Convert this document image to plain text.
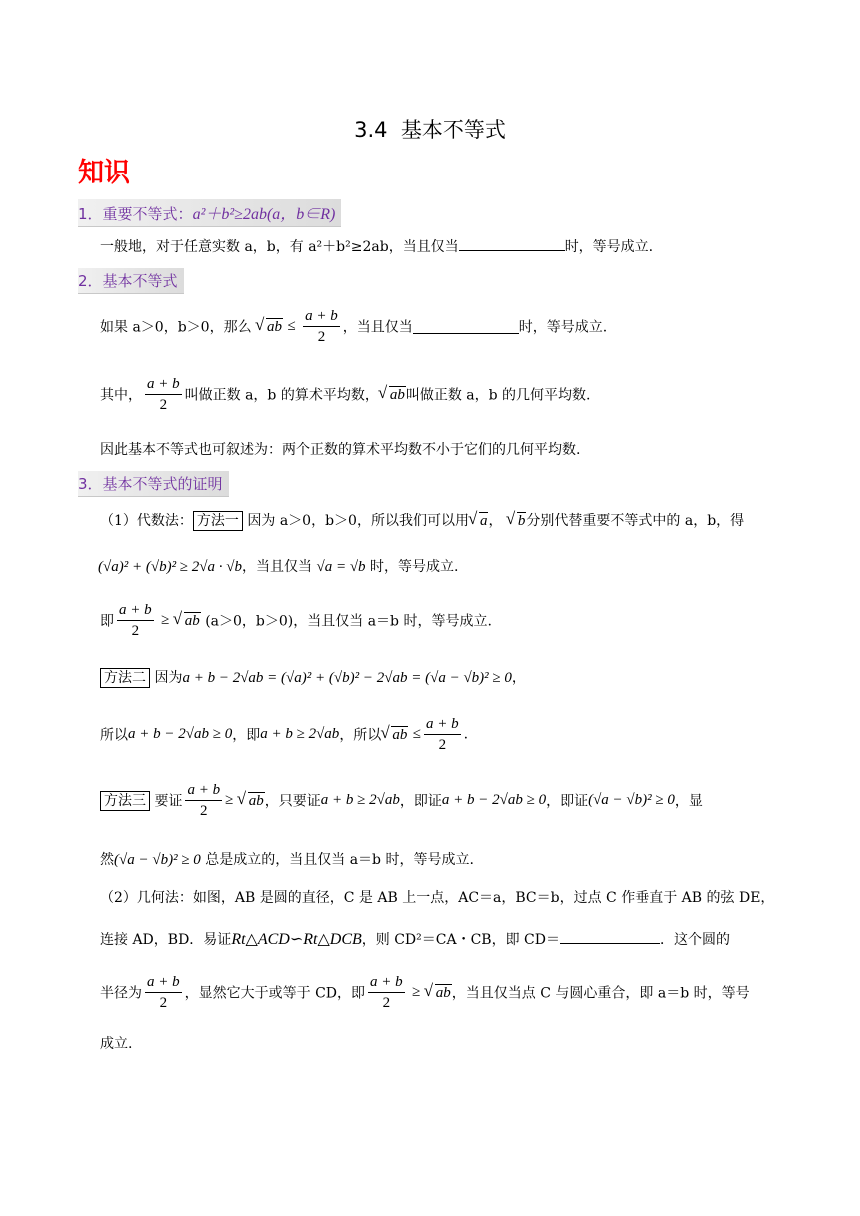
3.4 基本不等式
知识
1．重要不等式：a²＋b²≥2ab(a，b∈R)
一般地，对于任意实数 a，b，有 a²＋b²≥2ab，当且仅当	时，等号成立.
2．基本不等式
如果 a＞0，b＞0，那么 √ ab ≤ $\frac{a + b}{2}$ ，当且仅当	时，等号成立.
其中， $\frac{a + b}{2}$ 叫做正数 a，b 的算术平均数， √ ab叫做正数 a，b 的几何平均数.
因此基本不等式也可叙述为：两个正数的算术平均数不小于它们的几何平均数.
3．基本不等式的证明
（1）代数法： 方法一 因为 a＞0，b＞0，所以我们可以用 √ a， √ b分别代替重要不等式中的 a，b，得
(√a)² + (√b)² ≥ 2√a · √b，当且仅当 √a = √b 时，等号成立.
即 $\frac{a + b}{2}$ ≥ √ ab (a＞0，b＞0)，当且仅当 a＝b 时，等号成立.
方法二 因为a + b − 2√ab = (√a)² + (√b)² − 2√ab = (√a − √b)² ≥ 0，
所以a + b − 2√ab ≥ 0，即a + b ≥ 2√ab，所以 √ ab ≤ $\frac{a + b}{2}$ .
方法三 要证 $\frac{a + b}{2}$ ≥ √ ab，只要证a + b ≥ 2√ab，即证a + b − 2√ab ≥ 0，即证(√a − √b)² ≥ 0，显
然(√a − √b)² ≥ 0 总是成立的，当且仅当 a＝b 时，等号成立.
（2）几何法：如图，AB 是圆的直径，C 是 AB 上一点，AC＝a，BC＝b，过点 C 作垂直于 AB 的弦 DE，
连接 AD，BD．易证Rt△ACD∽Rt△DCB，则 CD²＝CA・CB，即 CD＝	．这个圆的
半径为 $\frac{a + b}{2}$ ，显然它大于或等于 CD，即 $\frac{a + b}{2}$ ≥ √ ab，当且仅当点 C 与圆心重合，即 a＝b 时，等号
成立.
